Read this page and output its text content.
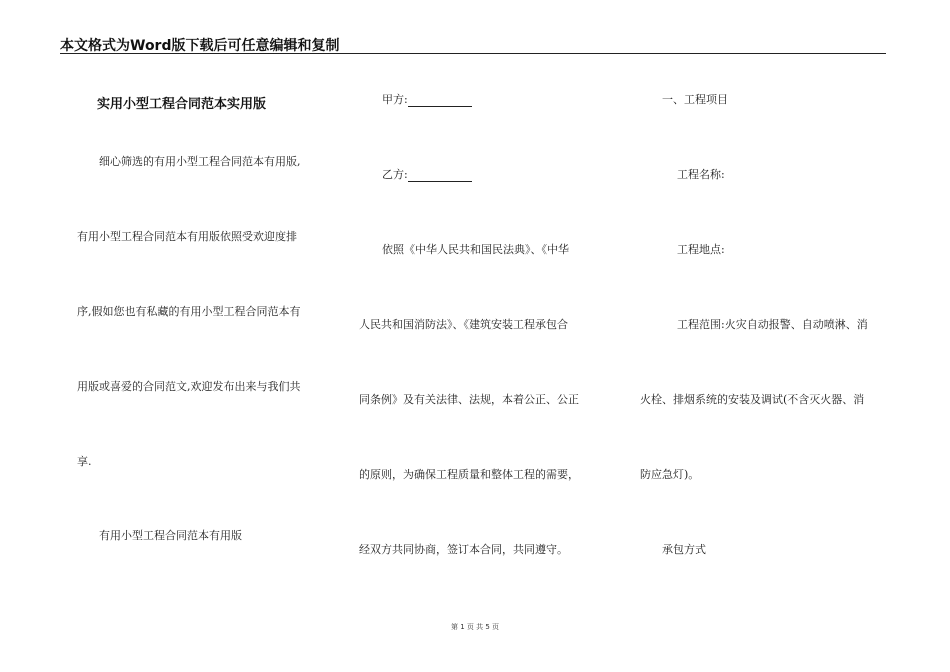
本文格式为Word版下载后可任意编辑和复制
实用小型工程合同范本实用版
细心筛选的有用小型工程合同范本有用版,
有用小型工程合同范本有用版依照受欢迎度排
序,假如您也有私藏的有用小型工程合同范本有
用版或喜爱的合同范文,欢迎发布出来与我们共
享.
有用小型工程合同范本有用版
甲方:
乙方:
依照《中华人民共和国民法典》、《中华
人民共和国消防法》、《建筑安装工程承包合
同条例》及有关法律、法规，本着公正、公正
的原则，为确保工程质量和整体工程的需要，
经双方共同协商，签订本合同，共同遵守。
一、工程项目
工程名称:
工程地点:
工程范围:火灾自动报警、自动喷淋、消
火栓、排烟系统的安装及调试(不含灭火器、消
防应急灯)。
承包方式
第 1 页 共 5 页
